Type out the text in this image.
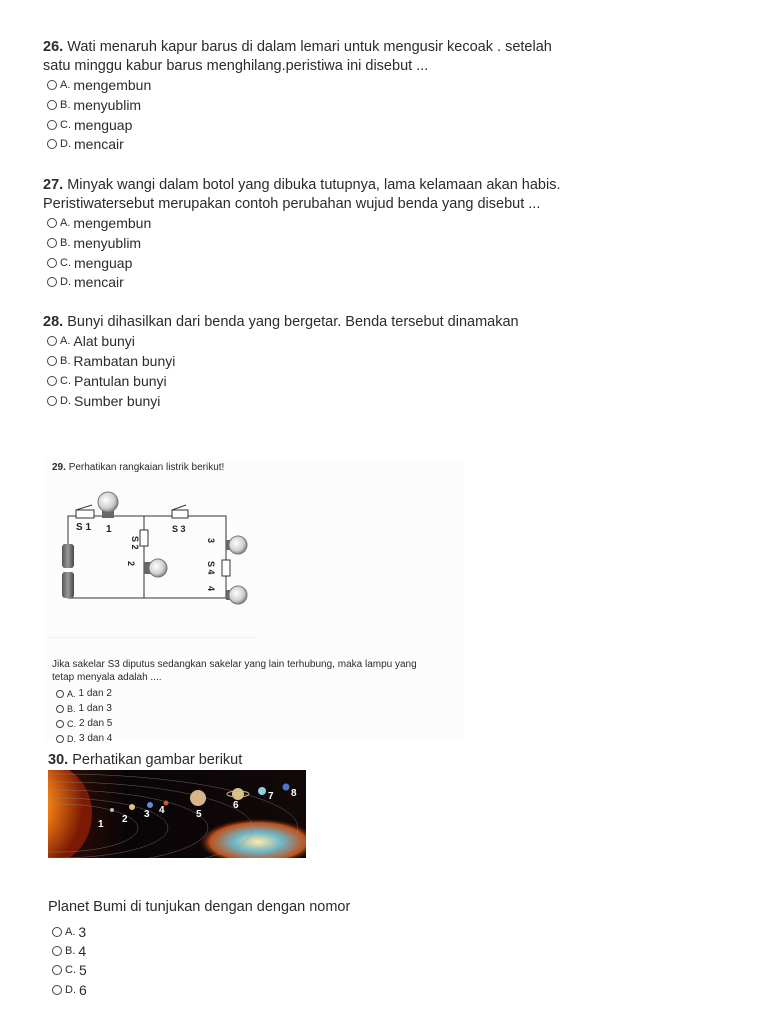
26. Wati menaruh kapur barus di dalam lemari untuk mengusir kecoak . setelah
satu minggu kabur barus menghilang.peristiwa ini disebut ...
A. mengembun
B. menyublim
C. menguap
D. mencair
27. Minyak wangi dalam botol yang dibuka tutupnya, lama kelamaan akan habis.
Peristiwatersebut merupakan contoh perubahan wujud benda yang disebut ...
A. mengembun
B. menyublim
C. menguap
D. mencair
28. Bunyi dihasilkan dari benda yang bergetar. Benda tersebut dinamakan
A. Alat bunyi
B. Rambatan bunyi
C. Pantulan bunyi
D. Sumber bunyi
29. Perhatikan rangkaian listrik berikut!
S 1 1
S 2
2
S 3
3
S 4
4
Jika sakelar S3 diputus sedangkan sakelar yang lain terhubung, maka lampu yang
tetap menyala adalah ....
A. 1 dan 2
B. 1 dan 3
C. 2 dan 5
D. 3 dan 4
30. Perhatikan gambar berikut
1 2 3 4	5
6
7 8
Planet Bumi di tunjukan dengan dengan nomor
A. 3
B. 4
C. 5
D. 6
